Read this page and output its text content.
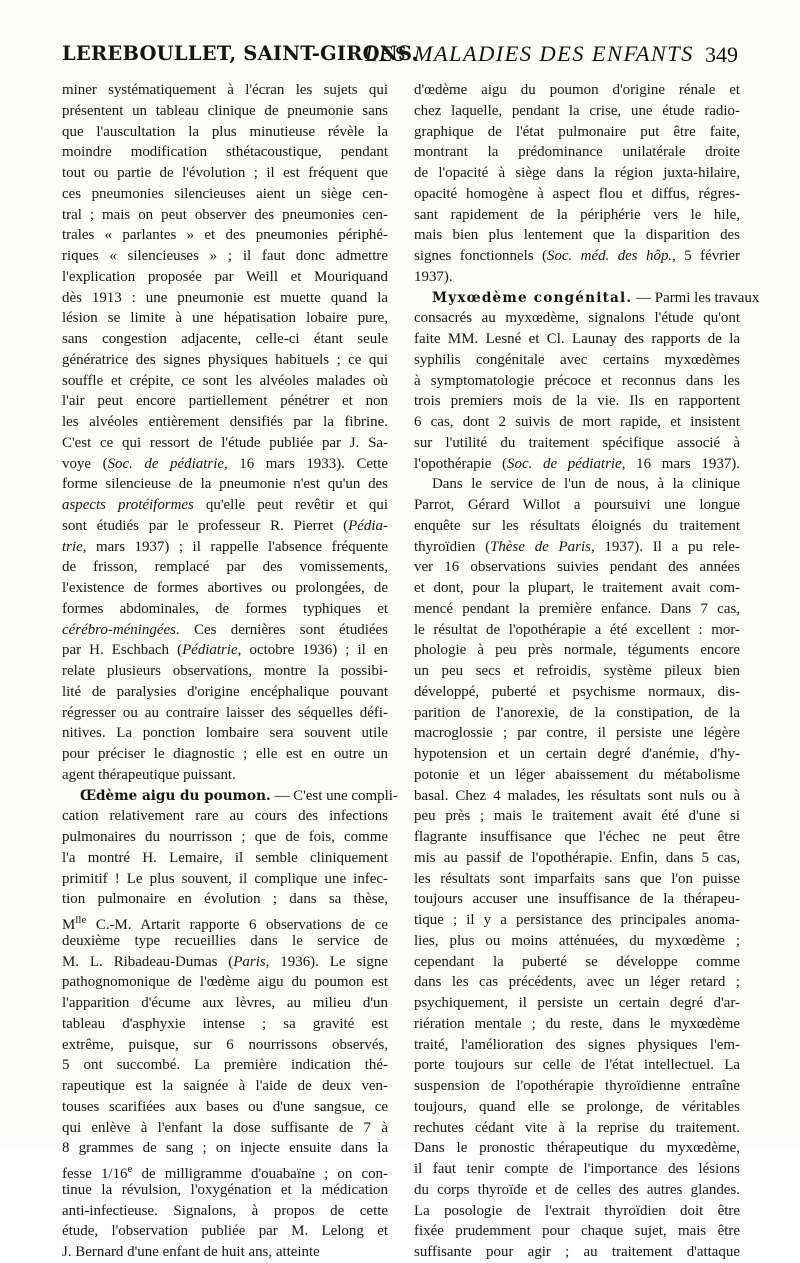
LEREBOULLET, SAINT-GIRONS.
LES MALADIES DES ENFANTS 349
miner systématiquement à l'écran les sujets qui
présentent un tableau clinique de pneumonie sans
que l'auscultation la plus minutieuse révèle la
moindre modification sthétacoustique, pendant
tout ou partie de l'évolution ; il est fréquent que
ces pneumonies silencieuses aient un siège cen-
tral ; mais on peut observer des pneumonies cen-
trales « parlantes » et des pneumonies périphé-
riques « silencieuses » ; il faut donc admettre
l'explication proposée par Weill et Mouriquand
dès 1913 : une pneumonie est muette quand la
lésion se limite à une hépatisation lobaire pure,
sans congestion adjacente, celle-ci étant seule
génératrice des signes physiques habituels ; ce qui
souffle et crépite, ce sont les alvéoles malades où
l'air peut encore partiellement pénétrer et non
les alvéoles entièrement densifiés par la fibrine.
C'est ce qui ressort de l'étude publiée par J. Sa-
voye (Soc. de pédiatrie, 16 mars 1933). Cette
forme silencieuse de la pneumonie n'est qu'un des
aspects protéiformes qu'elle peut revêtir et qui
sont étudiés par le professeur R. Pierret (Pédia-
trie, mars 1937) ; il rappelle l'absence fréquente
de frisson, remplacé par des vomissements,
l'existence de formes abortives ou prolongées, de
formes abdominales, de formes typhiques et
cérébro-méningées. Ces dernières sont étudiées
par H. Eschbach (Pédiatrie, octobre 1936) ; il en
relate plusieurs observations, montre la possibi-
lité de paralysies d'origine encéphalique pouvant
régresser ou au contraire laisser des séquelles défi-
nitives. La ponction lombaire sera souvent utile
pour préciser le diagnostic ; elle est en outre un
agent thérapeutique puissant.
Œdème aigu du poumon. — C'est une compli-
cation relativement rare au cours des infections
pulmonaires du nourrisson ; que de fois, comme
l'a montré H. Lemaire, il semble cliniquement
primitif ! Le plus souvent, il complique une infec-
tion pulmonaire en évolution ; dans sa thèse,
$M^{lle}$ C.-M. Artarit rapporte 6 observations de ce
deuxième type recueillies dans le service de
M. L. Ribadeau-Dumas (Paris, 1936). Le signe
pathognomonique de l'œdème aigu du poumon est
l'apparition d'écume aux lèvres, au milieu d'un
tableau d'asphyxie intense ; sa gravité est
extrême, puisque, sur 6 nourrissons observés,
5 ont succombé. La première indication thé-
rapeutique est la saignée à l'aide de deux ven-
touses scarifiées aux bases ou d'une sangsue, ce
qui enlève à l'enfant la dose suffisante de 7 à
8 grammes de sang ; on injecte ensuite dans la
fesse 1/16e de milligramme d'ouabaïne ; on con-
tinue la révulsion, l'oxygénation et la médication
anti-infectieuse. Signalons, à propos de cette
étude, l'observation publiée par M. Lelong et
J. Bernard d'une enfant de huit ans, atteinte
d'œdème aigu du poumon d'origine rénale et
chez laquelle, pendant la crise, une étude radio-
graphique de l'état pulmonaire put être faite,
montrant la prédominance unilatérale droite
de l'opacité à siège dans la région juxta-hilaire,
opacité homogène à aspect flou et diffus, régres-
sant rapidement de la périphérie vers le hile,
mais bien plus lentement que la disparition des
signes fonctionnels (Soc. méd. des hôp., 5 février
1937).
Myxœdème congénital. — Parmi les travaux
consacrés au myxœdème, signalons l'étude qu'ont
faite MM. Lesné et Cl. Launay des rapports de la
syphilis congénitale avec certains myxœdèmes
à symptomatologie précoce et reconnus dans les
trois premiers mois de la vie. Ils en rapportent
6 cas, dont 2 suivis de mort rapide, et insistent
sur l'utilité du traitement spécifique associé à
l'opothérapie (Soc. de pédiatrie, 16 mars 1937).
Dans le service de l'un de nous, à la clinique
Parrot, Gérard Willot a poursuivi une longue
enquête sur les résultats éloignés du traitement
thyroïdien (Thèse de Paris, 1937). Il a pu rele-
ver 16 observations suivies pendant des années
et dont, pour la plupart, le traitement avait com-
mencé pendant la première enfance. Dans 7 cas,
le résultat de l'opothérapie a été excellent : mor-
phologie à peu près normale, téguments encore
un peu secs et refroidis, système pileux bien
développé, puberté et psychisme normaux, dis-
parition de l'anorexie, de la constipation, de la
macroglossie ; par contre, il persiste une légère
hypotension et un certain degré d'anémie, d'hy-
potonie et un léger abaissement du métabolisme
basal. Chez 4 malades, les résultats sont nuls ou à
peu près ; mais le traitement avait été d'une si
flagrante insuffisance que l'échec ne peut être
mis au passif de l'opothérapie. Enfin, dans 5 cas,
les résultats sont imparfaits sans que l'on puisse
toujours accuser une insuffisance de la thérapeu-
tique ; il y a persistance des principales anoma-
lies, plus ou moins atténuées, du myxœdème ;
cependant la puberté se développe comme
dans les cas précédents, avec un léger retard ;
psychiquement, il persiste un certain degré d'ar-
riération mentale ; du reste, dans le myxœdème
traité, l'amélioration des signes physiques l'em-
porte toujours sur celle de l'état intellectuel. La
suspension de l'opothérapie thyroïdienne entraîne
toujours, quand elle se prolonge, de véritables
rechutes cédant vite à la reprise du traitement.
Dans le pronostic thérapeutique du myxœdème,
il faut tenir compte de l'importance des lésions
du corps thyroïde et de celles des autres glandes.
La posologie de l'extrait thyroïdien doit être
fixée prudemment pour chaque sujet, mais être
suffisante pour agir ; au traitement d'attaque
